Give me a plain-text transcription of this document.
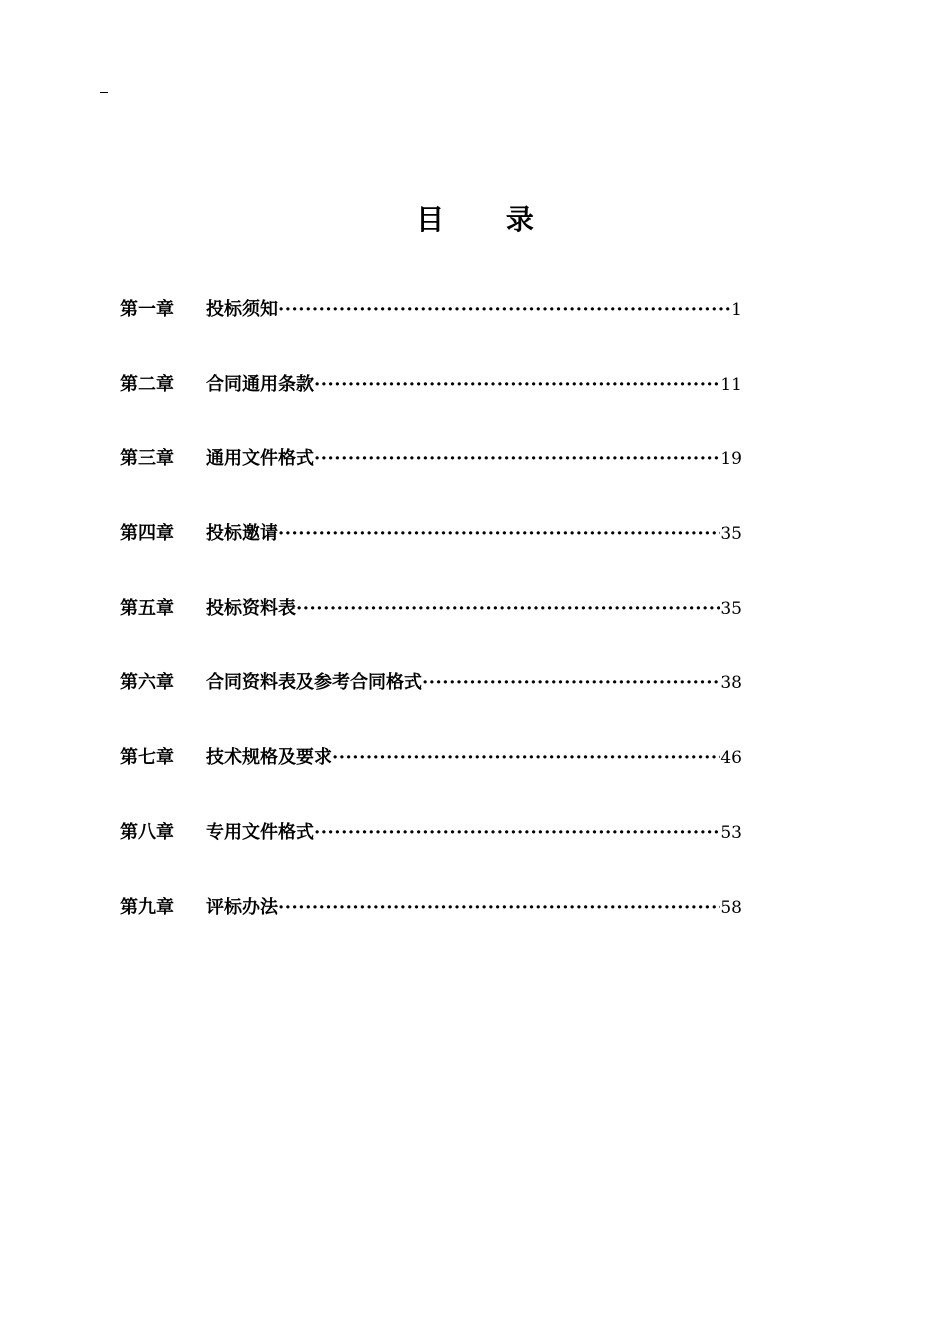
目 录
第一章	投标须知 ·····	1
第二章	合同通用条款 ·····	11
第三章	通用文件格式 ·····	19
第四章	投标邀请 ·····	35
第五章	投标资料表 ·····	35
第六章	合同资料表及参考合同格式 ·····	38
第七章	技术规格及要求 ·····	46
第八章	专用文件格式 ·····	53
第九章	评标办法 ·····	58
